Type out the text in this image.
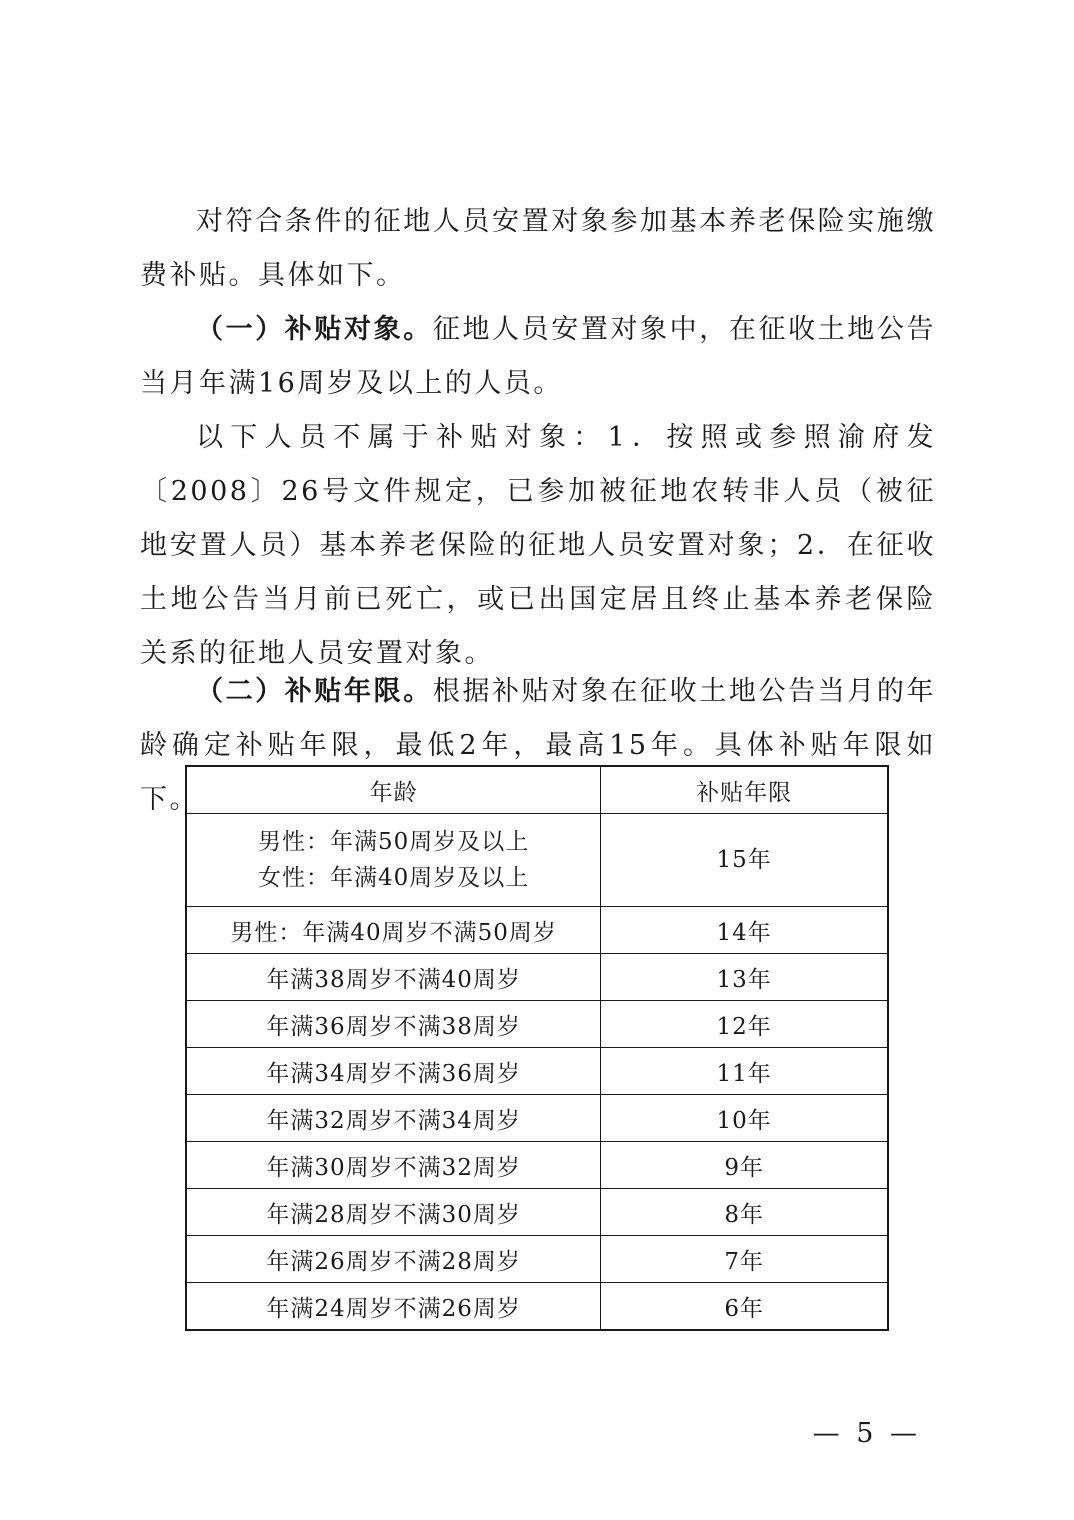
对符合条件的征地人员安置对象参加基本养老保险实施缴费补贴。具体如下。

（一）补贴对象。征地人员安置对象中，在征收土地公告当月年满16周岁及以上的人员。

以下人员不属于补贴对象：1．按照或参照渝府发〔2008〕26号文件规定，已参加被征地农转非人员（被征地安置人员）基本养老保险的征地人员安置对象；2．在征收土地公告当月前已死亡，或已出国定居且终止基本养老保险关系的征地人员安置对象。

（二）补贴年限。根据补贴对象在征收土地公告当月的年龄确定补贴年限，最低2年，最高15年。具体补贴年限如下。	年龄	补贴年限

男性：年满50周岁及以上
女性：年满40周岁及以上	15年
男性：年满40周岁不满50周岁	14年
年满38周岁不满40周岁	13年
年满36周岁不满38周岁	12年
年满34周岁不满36周岁	11年
年满32周岁不满34周岁	10年
年满30周岁不满32周岁	9年
年满28周岁不满30周岁	8年
年满26周岁不满28周岁	7年
年满24周岁不满26周岁	6年
— 5 —
